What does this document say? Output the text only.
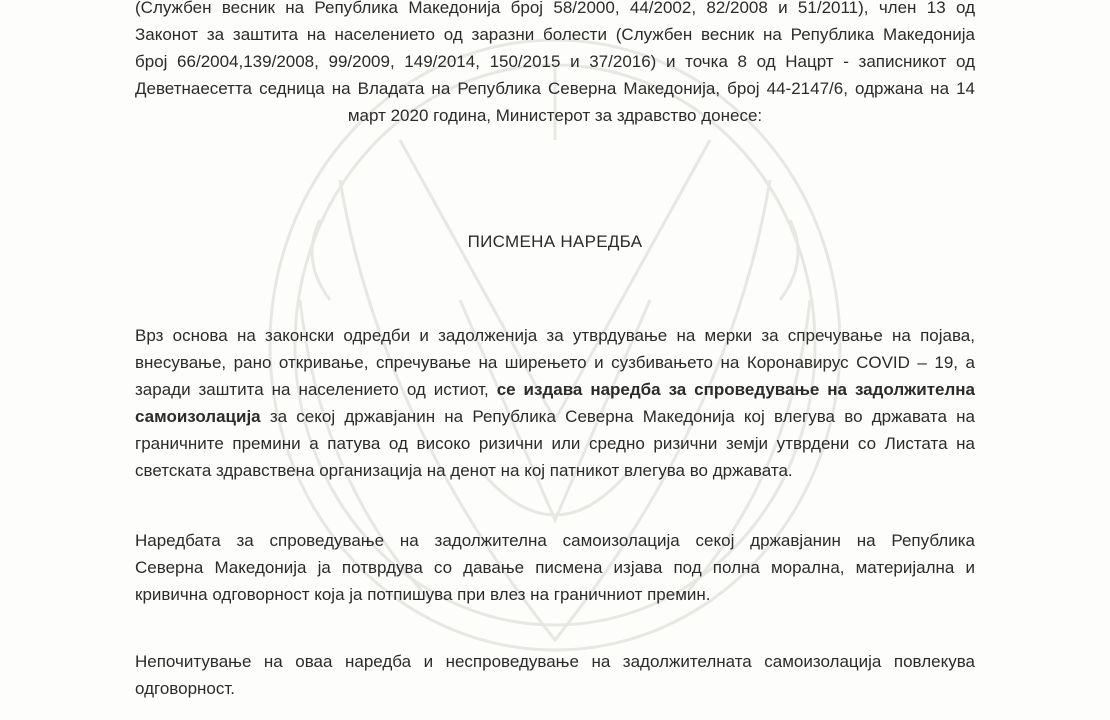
(Службен весник на Република Македонија број 58/2000, 44/2002, 82/2008 и 51/2011), член 13 од
Законот за заштита на населението од заразни болести (Службен весник на Република Македонија
број 66/2004,139/2008, 99/2009, 149/2014, 150/2015 и 37/2016) и точка 8 од Нацрт - записникот од
Деветнаесетта седница на Владата на Република Северна Македонија, број 44-2147/6, одржана на 14
март 2020 година, Министерот за здравство донесе:
ПИСМЕНА НАРЕДБА
Врз основа на законски одредби и задолженија за утврдување на мерки за спречување на појава,
внесување, рано откривање, спречување на ширењето и сузбивањето на Коронавирус COVID – 19, а
заради заштита на населението од истиот, се издава наредба за спроведување на задолжителна
самоизолација за секој државјанин на Република Северна Македонија кој влегува во државата на
граничните премини а патува од високо ризични или средно ризични земји утврдени со Листата на
светската здравствена организација на денот на кој патникот влегува во државата.
Наредбата за спроведување на задолжителна самоизолација секој државјанин на Република
Северна Македонија ја потврдува со давање писмена изјава под полна морална, материјална и
кривична одговорност која ја потпишува при влез на граничниот премин.
Непочитување на оваа наредба и неспроведување на задолжителната самоизолација повлекува
одговорност.
